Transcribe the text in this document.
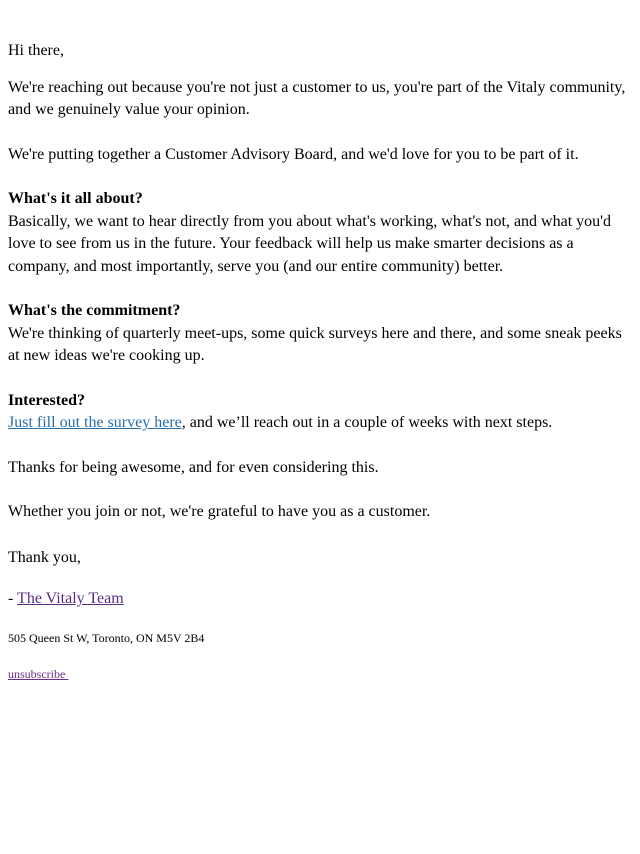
Hi there,

We're reaching out because you're not just a customer to us, you're part of the Vitaly community, and we genuinely value your opinion.

We're putting together a Customer Advisory Board, and we'd love for you to be part of it.

What's it all about?

Basically, we want to hear directly from you about what's working, what's not, and what you'd love to see from us in the future. Your feedback will help us make smarter decisions as a company, and most importantly, serve you (and our entire community) better.

What's the commitment?

We're thinking of quarterly meet-ups, some quick surveys here and there, and some sneak peeks at new ideas we're cooking up.

Interested?

Just fill out the survey here, and we’ll reach out in a couple of weeks with next steps.

Thanks for being awesome, and for even considering this.

Whether you join or not, we're grateful to have you as a customer.

Thank you,

- The Vitaly Team

505 Queen St W, Toronto, ON M5V 2B4

unsubscribe
